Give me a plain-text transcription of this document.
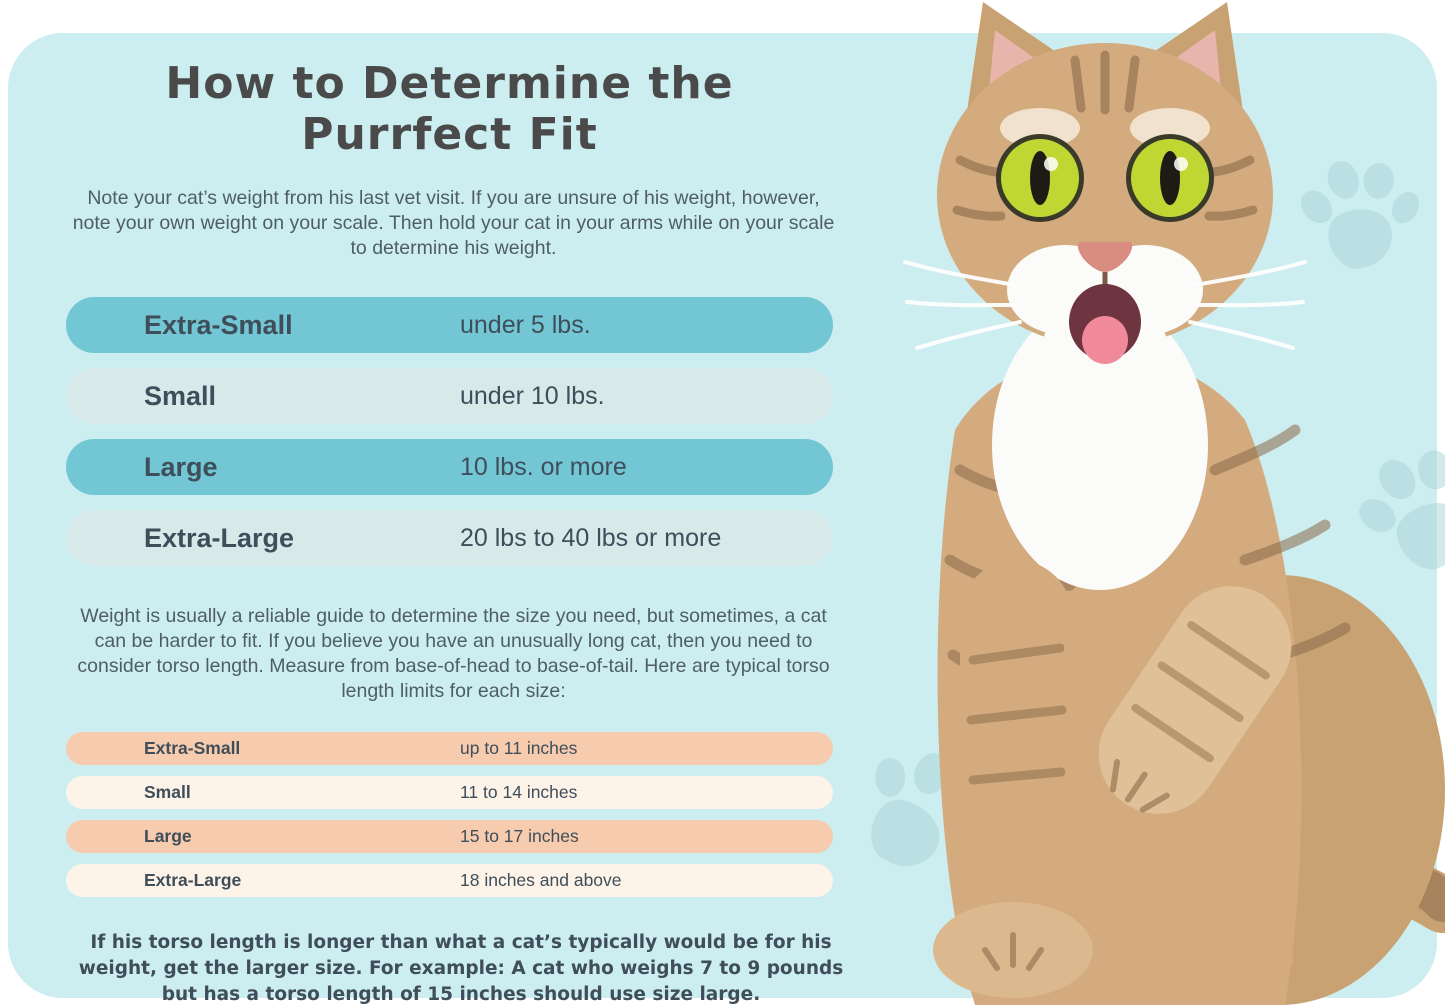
How to Determine the Purrfect Fit

Note your cat’s weight from his last vet visit. If you are unsure of his weight, however, note your own weight on your scale. Then hold your cat in your arms while on your scale to determine his weight.

Extra-Small	under 5 lbs.
Small	under 10 lbs.
Large	10 lbs. or more
Extra-Large	20 lbs to 40 lbs or more

Weight is usually a reliable guide to determine the size you need, but sometimes, a cat can be harder to fit. If you believe you have an unusually long cat, then you need to consider torso length. Measure from base-of-head to base-of-tail. Here are typical torso length limits for each size:

Extra-Small	up to 11 inches
Small	11 to 14 inches
Large	15 to 17 inches
Extra-Large	18 inches and above

If his torso length is longer than what a cat’s typically would be for his weight, get the larger size. For example: A cat who weighs 7 to 9 pounds but has a torso length of 15 inches should use size large.
